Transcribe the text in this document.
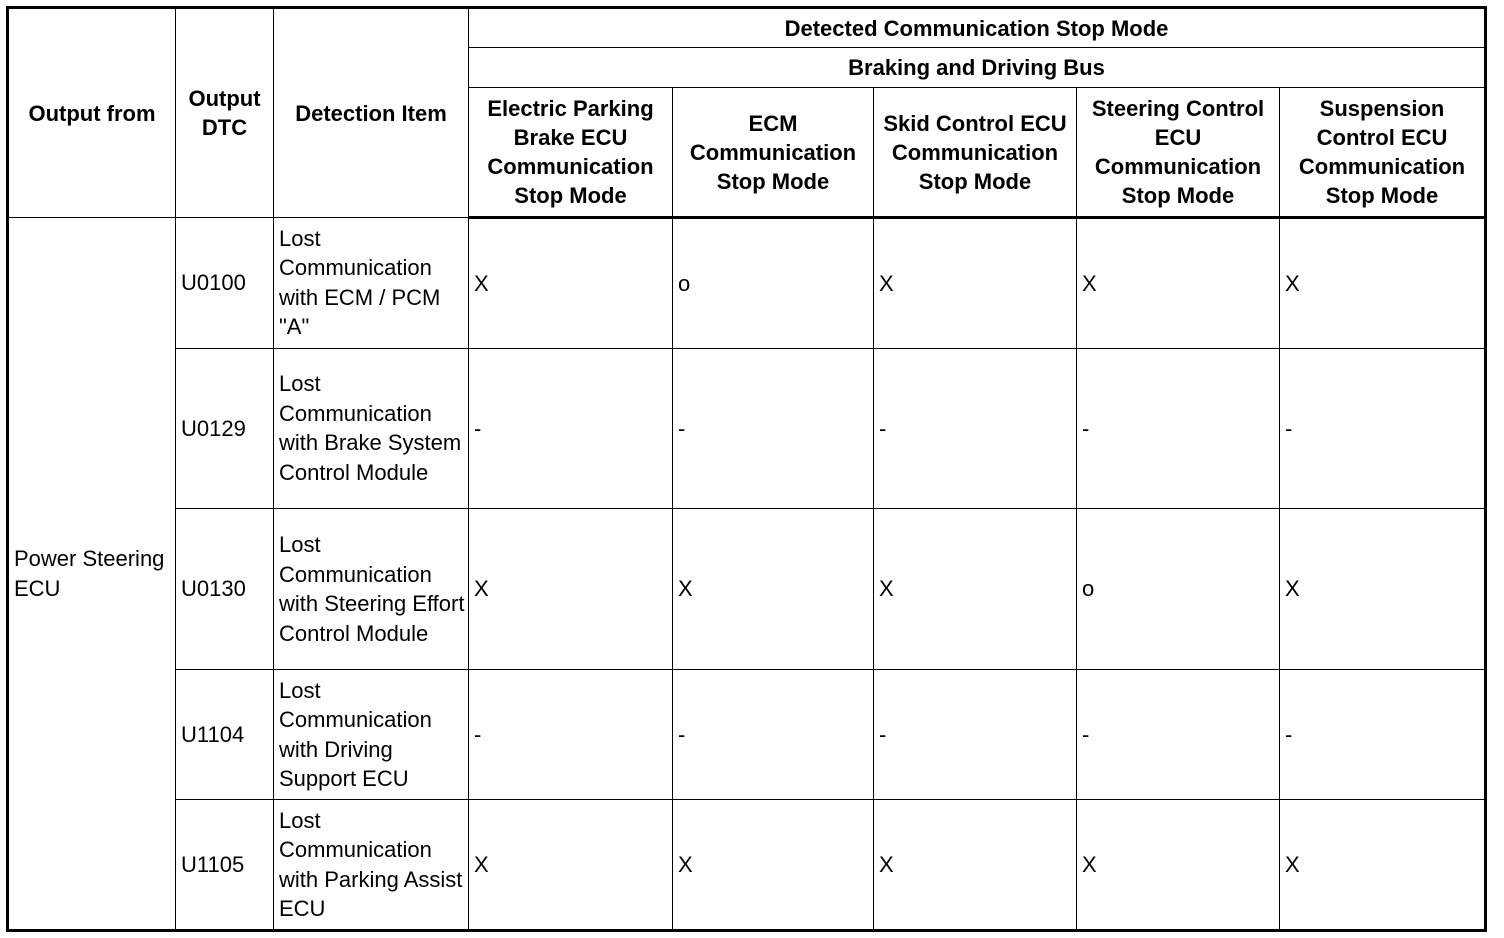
Output from	Output DTC	Detection Item	Detected Communication Stop Mode				
			Braking and Driving Bus				
			Electric Parking Brake ECU Communication Stop Mode	ECM Communication Stop Mode	Skid Control ECU Communication Stop Mode	Steering Control ECU Communication Stop Mode	Suspension Control ECU Communication Stop Mode
Power Steering ECU	U0100	Lost Communication with ECM / PCM "A"	X	o	X	X	X
	U0129	Lost Communication with Brake System Control Module	-	-	-	-	-
	U0130	Lost Communication with Steering Effort Control Module	X	X	X	o	X
	U1104	Lost Communication with Driving Support ECU	-	-	-	-	-
	U1105	Lost Communication with Parking Assist ECU	X	X	X	X	X
